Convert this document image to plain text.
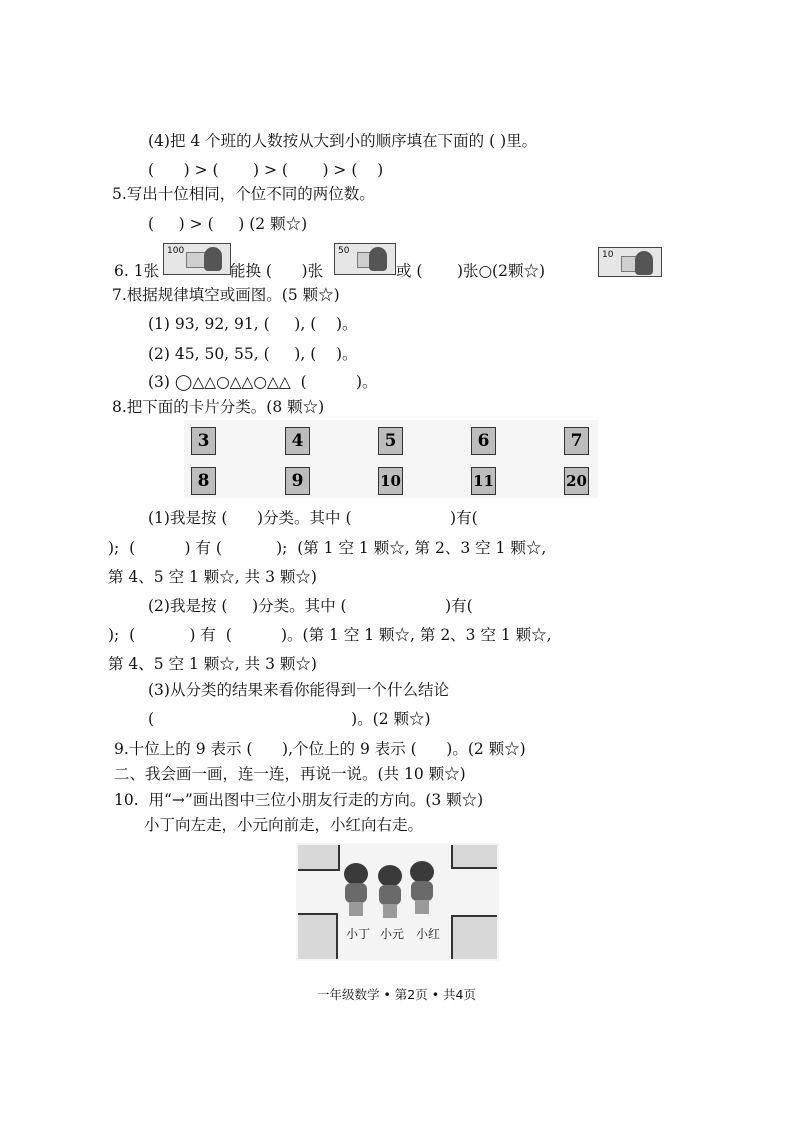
(4)把 4 个班的人数按从大到小的顺序填在下面的 ( )里。
(      ) > (       ) > (       ) > (    )
5.写出十位相同，个位不同的两位数。
(     ) > (     ) (2 颗☆)
6. 1张
100
能换 (      )张
50
或 (       )张○(2颗☆)
10
7.根据规律填空或画图。(5 颗☆)
(1) 93, 92, 91, (     ), (    )。
(2) 45, 50, 55, (     ), (    )。
(3) ◯△△○△△○△△  (          )。
8.把下面的卡片分类。(8 颗☆)
3	4	5	6	7
8	9	10	11	20
(1)我是按 (      )分类。其中 (                    )有(
);  (          ) 有 (           );  (第 1 空 1 颗☆, 第 2、3 空 1 颗☆,
第 4、5 空 1 颗☆, 共 3 颗☆)
(2)我是按 (     )分类。其中 (                    )有(
);  (           ) 有  (          )。(第 1 空 1 颗☆, 第 2、3 空 1 颗☆,
第 4、5 空 1 颗☆, 共 3 颗☆)
(3)从分类的结果来看你能得到一个什么结论
(                                        )。(2 颗☆)
9.十位上的 9 表示 (      ),个位上的 9 表示 (      )。(2 颗☆)
二、我会画一画，连一连，再说一说。(共 10 颗☆)
10.  用“→”画出图中三位小朋友行走的方向。(3 颗☆)
小丁向左走，小元向前走，小红向右走。
小丁 小元 小红
一年级数学 • 第2页 • 共4页
